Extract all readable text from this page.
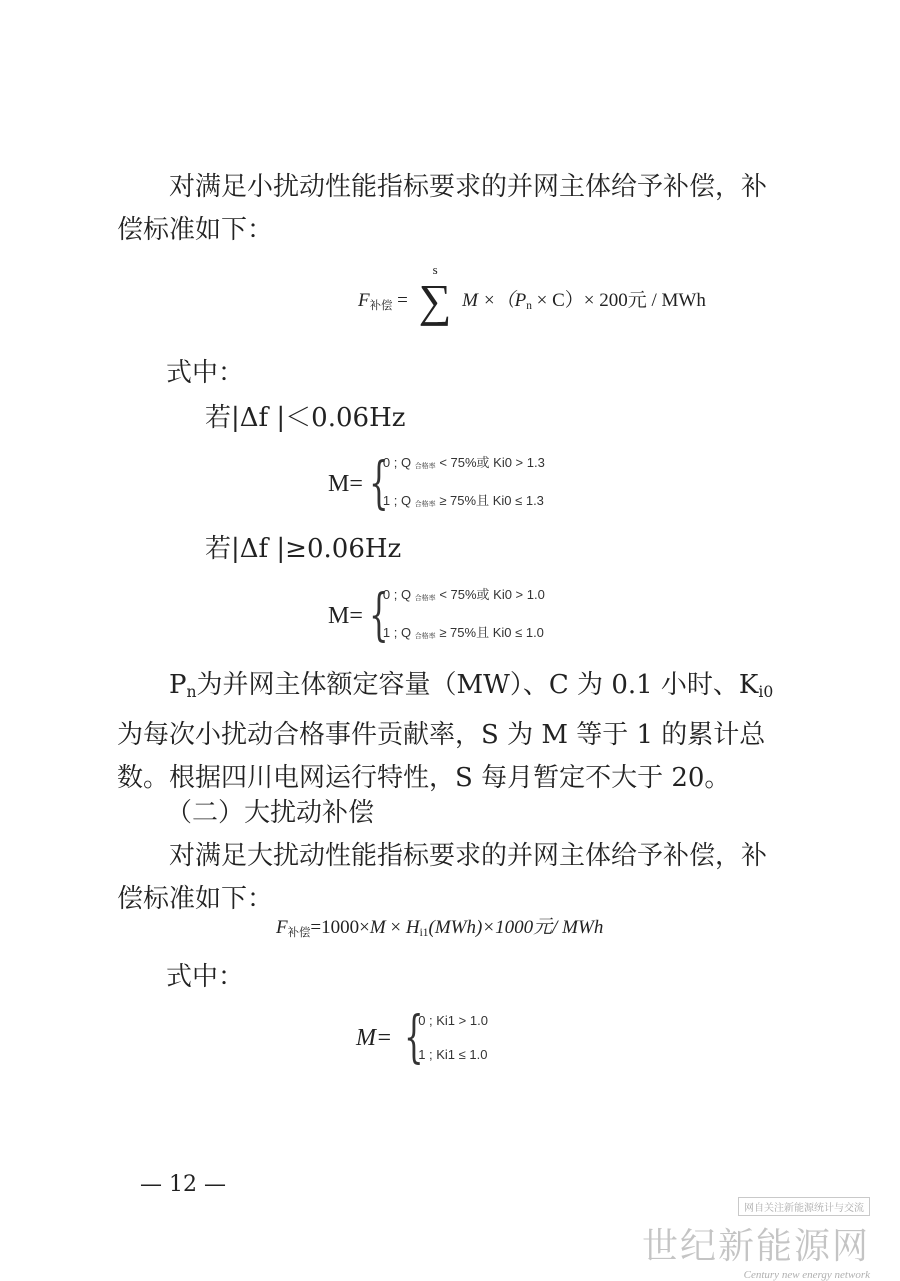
对满足小扰动性能指标要求的并网主体给予补偿，补偿标准如下：
$F_{补偿}$ = ∑
s
$M \times(P_n \times C)\times 200$元 / MWh
式中：
若|Δf |＜0.06Hz
M= {
0 ; Q 合格率 < 75%或 Ki0 > 1.3
1 ; Q 合格率 ≥ 75%且 Ki0 ≤ 1.3
若|Δf |≥0.06Hz
M= {
0 ; Q 合格率 < 75%或 Ki0 > 1.0
1 ; Q 合格率 ≥ 75%且 Ki0 ≤ 1.0
$P_n$为并网主体额定容量（MW）、C 为 0.1 小时、$K_{i0}$为每次小扰动合格事件贡献率，S 为 M 等于 1 的累计总数。根据四川电网运行特性，S 每月暂定不大于 20。
（二）大扰动补偿
对满足大扰动性能指标要求的并网主体给予补偿，补偿标准如下：
$F_{补偿}=1000\times M \times H_{i1}(MWh)\times 1000$元/ MWh
式中：
M= {
0 ; Ki1 > 1.0
1 ; Ki1 ≤ 1.0
— 12 —
网自关注新能源统计与交流
世纪新能源网
Century new energy network
